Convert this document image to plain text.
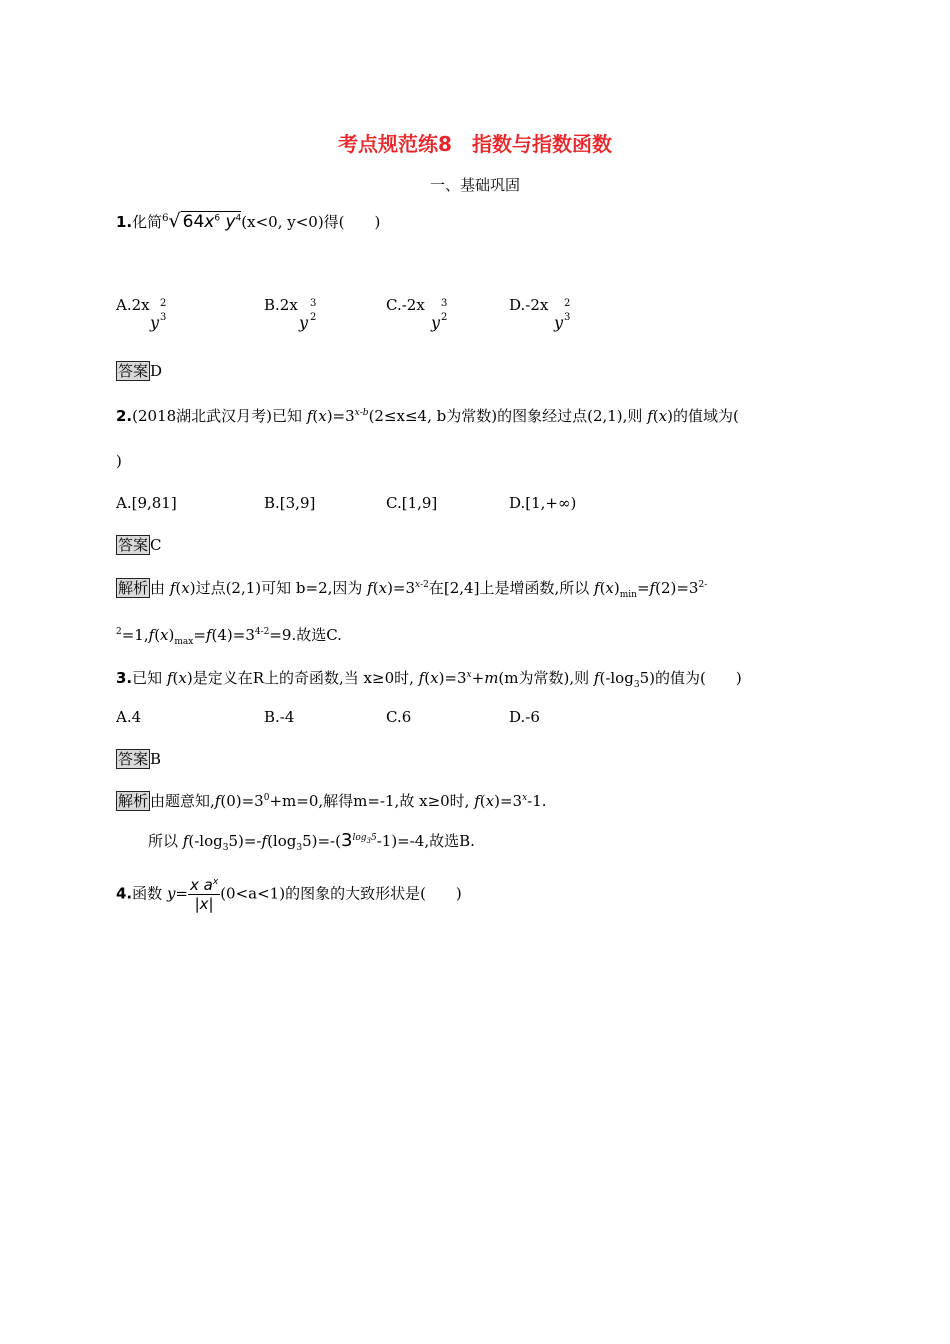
考点规范练8　指数与指数函数
一、基础巩固
1.化简$^6$√ $64x^6$ $y^4(x<0$, y<0)得(　　)
A.2x 2
3
y
B.2x 3
2
y
C.-2x 3
2
y
D.-2x 2
3
y
答案 D
2.(2018湖北武汉月考)已知 $f(x)=3^{x-b}(2\le x\le 4$, b为常数)的图象经过点(2,1),则 f(x)的值域为(
)
A.[9,81]	B.[3,9]	C.[1,9]	D.[1,+∞)
答案 C
解析 由 f(x)过点(2,1)可知 b=2,因为 $f(x)=3^{x-2}$在[2,4]上是增函数,所以 $f(x)_{min}=f(2)=3^{2-}$
$^2=1,f(x)_{max}=f(4)=3^{4-2}=9$.故选C.
3.已知 f(x)是定义在R上的奇函数,当 x≥0时, $f(x)=3^x+m(m$为常数),则 $f(-\log_35)$的值为(　　)
A.4	B.-4	C.6	D.-6
答案 B
解析 由题意知$,f(0)=3^0+m=0$,解得m=-1,故 x≥0时, $f(x)=3^x-1$.
所以 $f(-\log_35)=-f(\log_35)=-(3^{log_35}-1)=-4$,故选B.
4.函数 $y= \frac{x a^x}{|x|} (0<a<1)$的图象的大致形状是(　　)
